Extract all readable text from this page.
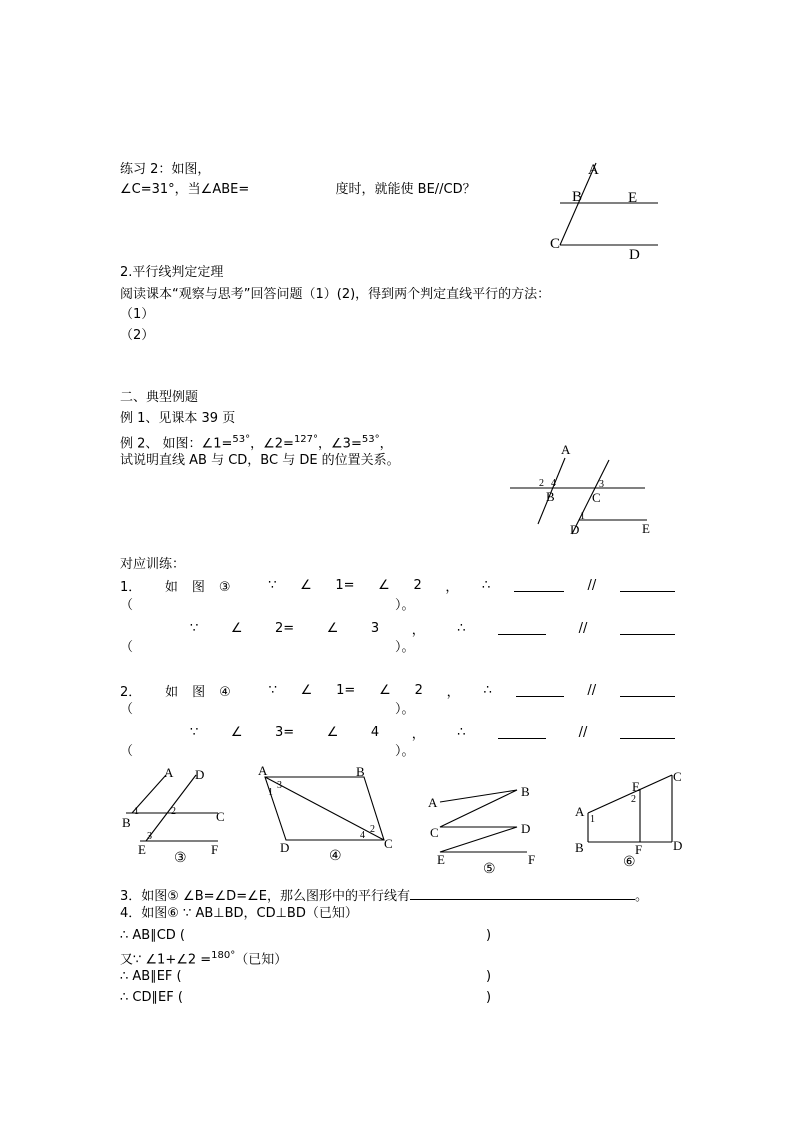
练习 2：如图，
∠C=31°，当∠ABE=	度时，就能使 BE//CD？
A
B	E
C
D
2.平行线判定定理
阅读课本“观察与思考”回答问题（1）(2)，得到两个判定直线平行的方法：
（1）
（2）
二、典型例题
例 1、见课本 39 页
例 2、 如图：∠1=$^{53^\circ}$，∠2=$^{127^\circ}$，∠3=$^{53^\circ}$，
试说明直线 AB 与 CD，BC 与 DE 的位置关系。
A
2 4
B
3
C
1
D	E
对应训练：
1． 如图③ ∵ ∠ 1= ∠ 2 ， ∴	//
（	）。
∵	∠	2=	∠	3	，	∴	//
（	）。
2． 如图④ ∵ ∠ 1= ∠ 2 ， ∴	//
（	）。
∵	∠	3=	∠	4	，	∴	//
（	）。
A D
1	2	C
B
3
E	F
③
A	B
3
1
4
2
C
D
④
A
B
C	D
E	F
⑤
A
B
1
E
2
C
F D
⑥
3．如图⑤ ∠B=∠D=∠E，那么图形中的平行线有	。
4．如图⑥ ∵ AB⊥BD，CD⊥BD（已知）
∴ AB∥CD (	)
又∵ ∠1+∠2 =$^{180^\circ}$（已知）
∴ AB∥EF (	)
∴ CD∥EF (	)
